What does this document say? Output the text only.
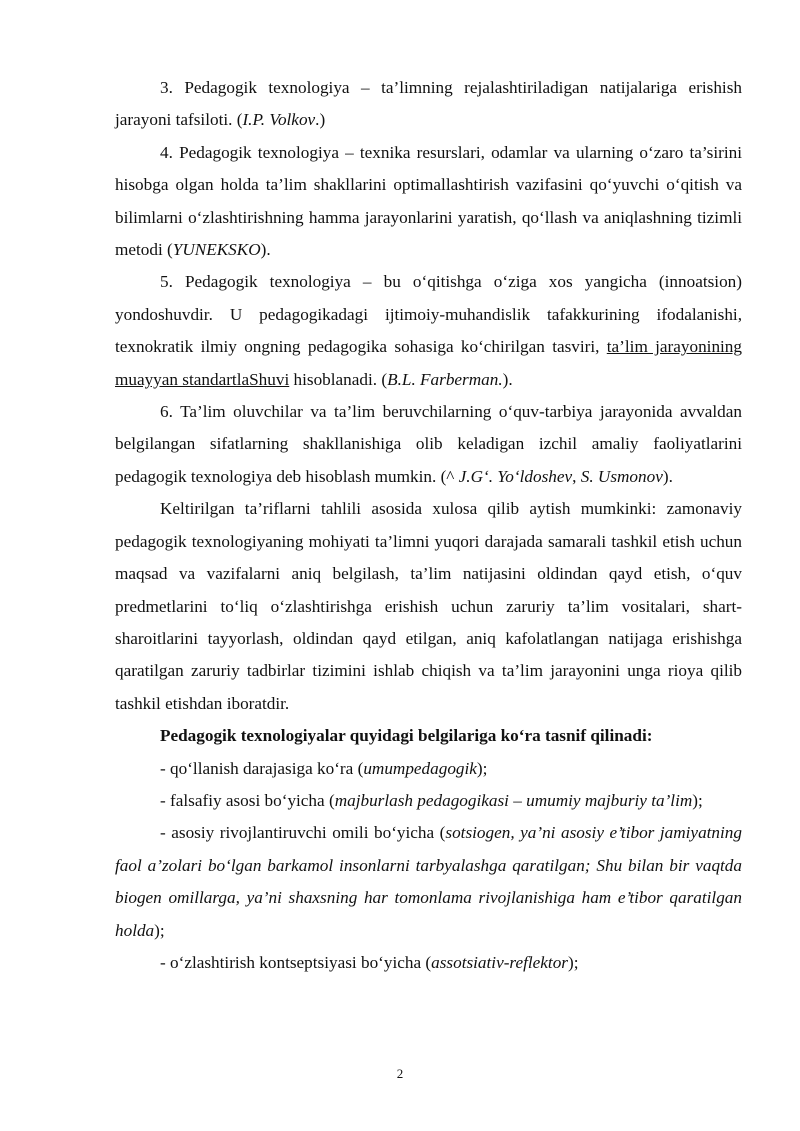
3. Pedagogik texnologiya – ta’limning rejalashtiriladigan natijalariga erishish jarayoni tafsiloti. (I.P. Volkov.)

4. Pedagogik texnologiya – texnika resurslari, odamlar va ularning o‘zaro ta’sirini hisobga olgan holda ta’lim shakllarini optimallashtirish vazifasini qo‘yuvchi o‘qitish va bilimlarni o‘zlashtirishning hamma jarayonlarini yaratish, qo‘llash va aniqlashning tizimli metodi (YUNEKSKO).

5. Pedagogik texnologiya – bu o‘qitishga o‘ziga xos yangicha (innoatsion) yondoshuvdir. U pedagogikadagi ijtimoiy-muhandislik tafakkurining ifodalanishi, texnokratik ilmiy ongning pedagogika sohasiga ko‘chirilgan tasviri, ta’lim jarayonining muayyan standartlaShuvi hisoblanadi. (B.L. Farberman.).

6. Ta’lim oluvchilar va ta’lim beruvchilarning o‘quv-tarbiya jarayonida avvaldan belgilangan sifatlarning shakllanishiga olib keladigan izchil amaliy faoliyatlarini pedagogik texnologiya deb hisoblash mumkin. (^ J.G‘. Yo‘ldoshev, S. Usmonov).

Keltirilgan ta’riflarni tahlili asosida xulosa qilib aytish mumkinki: zamonaviy pedagogik texnologiyaning mohiyati ta’limni yuqori darajada samarali tashkil etish uchun maqsad va vazifalarni aniq belgilash, ta’lim natijasini oldindan qayd etish, o‘quv predmetlarini to‘liq o‘zlashtirishga erishish uchun zaruriy ta’lim vositalari, shart-sharoitlarini tayyorlash, oldindan qayd etilgan, aniq kafolatlangan natijaga erishishga qaratilgan zaruriy tadbirlar tizimini ishlab chiqish va ta’lim jarayonini unga rioya qilib tashkil etishdan iboratdir.

Pedagogik texnologiyalar quyidagi belgilariga ko‘ra tasnif qilinadi:

- qo‘llanish darajasiga ko‘ra (umumpedagogik);

- falsafiy asosi bo‘yicha (majburlash pedagogikasi – umumiy majburiy ta’lim);

- asosiy rivojlantiruvchi omili bo‘yicha (sotsiogen, ya’ni asosiy e’tibor jamiyatning faol a’zolari bo‘lgan barkamol insonlarni tarbyalashga qaratilgan; Shu bilan bir vaqtda biogen omillarga, ya’ni shaxsning har tomonlama rivojlanishiga ham e’tibor qaratilgan holda);

- o‘zlashtirish kontseptsiyasi bo‘yicha (assotsiativ-reflektor);

2
